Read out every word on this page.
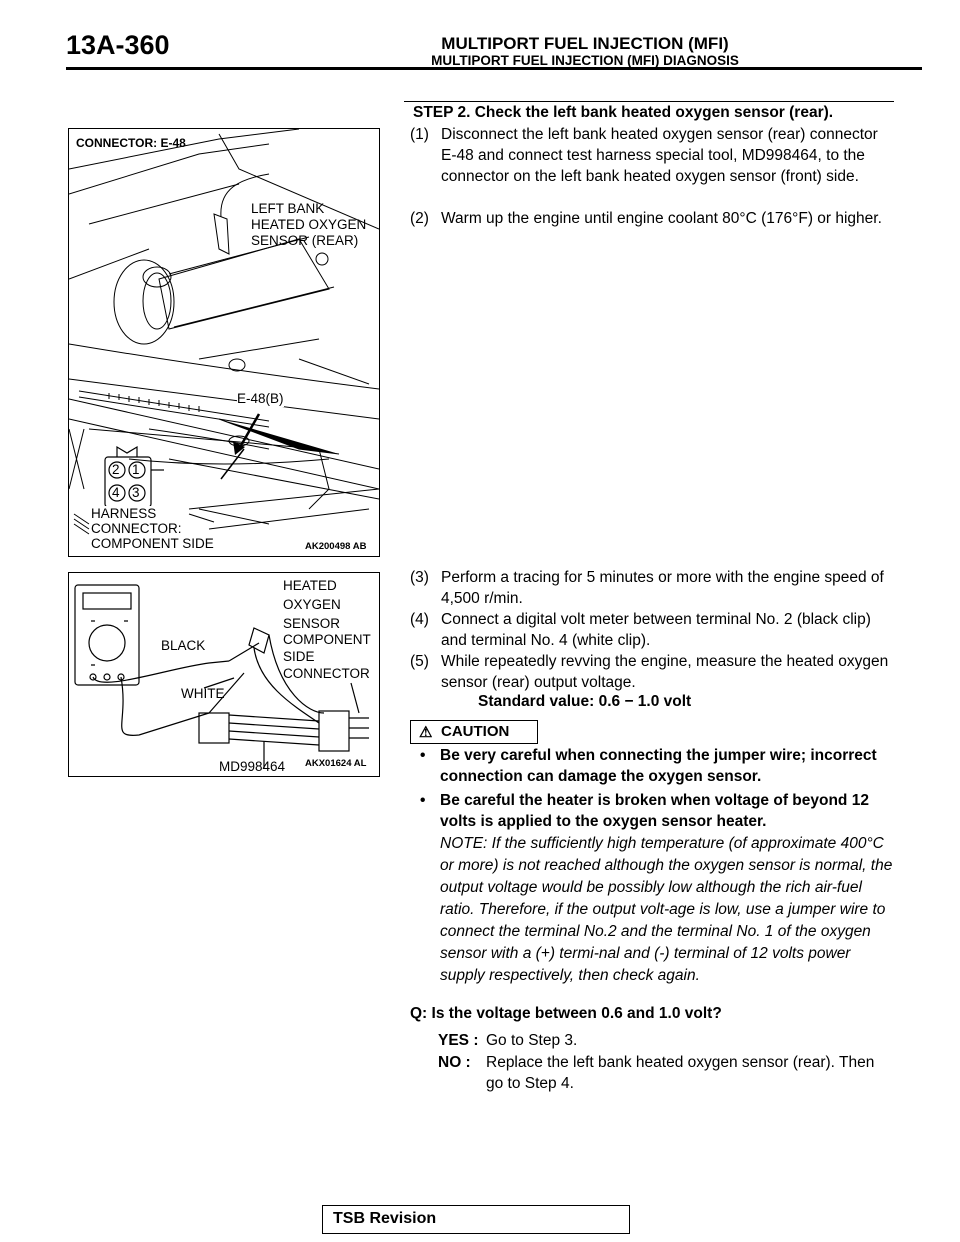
13A-360	MULTIPORT FUEL INJECTION (MFI)
MULTIPORT FUEL INJECTION (MFI) DIAGNOSIS
CONNECTOR: E-48
LEFT BANK
HEATED OXYGEN
SENSOR (REAR)
E-48(B)
2 1
4 3
HARNESS
CONNECTOR:
COMPONENT SIDE	AK200498 AB
HEATED
OXYGEN
SENSOR
COMPONENT
SIDE
CONNECTOR
BLACK
WHITE
MD998464 AKX01624 AL
STEP 2. Check the left bank heated oxygen sensor (rear).
(1) Disconnect the left bank heated oxygen sensor (rear) connector E-48 and connect test harness special tool, MD998464, to the connector on the left bank heated oxygen sensor (front) side.
(2) Warm up the engine until engine coolant 80°C (176°F) or higher.
(3) Perform a tracing for 5 minutes or more with the engine speed of 4,500 r/min.
(4) Connect a digital volt meter between terminal No. 2 (black clip) and terminal No. 4 (white clip).
(5) While repeatedly revving the engine, measure the heated oxygen sensor (rear) output voltage.
Standard value: 0.6 − 1.0 volt
⚠ CAUTION
• Be very careful when connecting the jumper wire; incorrect connection can damage the oxygen sensor.
• Be careful the heater is broken when voltage of beyond 12 volts is applied to the oxygen sensor heater.
NOTE: If the sufficiently high temperature (of approximate 400°C or more) is not reached although the oxygen sensor is normal, the output voltage would be possibly low although the rich air-fuel ratio. Therefore, if the output volt-age is low, use a jumper wire to connect the terminal No.2 and the terminal No. 1 of the oxygen sensor with a (+) termi-nal and (-) terminal of 12 volts power supply respectively, then check again.
Q: Is the voltage between 0.6 and 1.0 volt?
YES : Go to Step 3.
NO : Replace the left bank heated oxygen sensor (rear). Then go to Step 4.
TSB Revision
